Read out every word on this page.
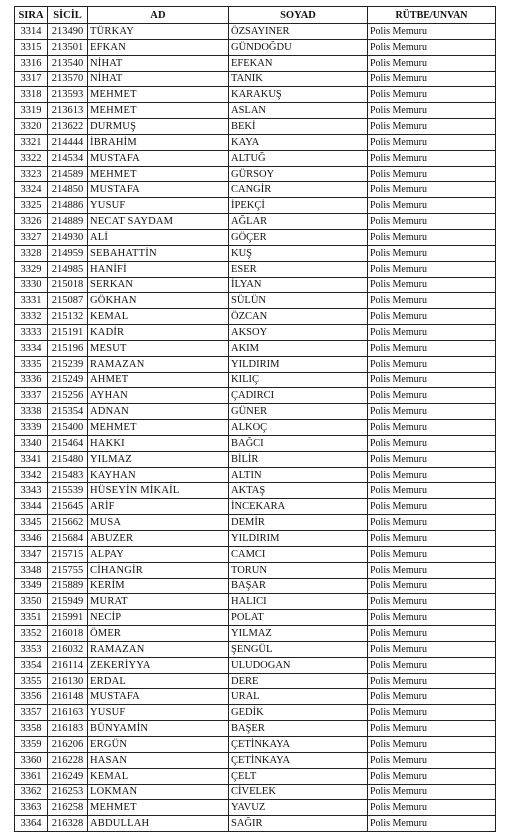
SIRA	SİCİL	AD	SOYAD	RÜTBE/UNVAN
3314	213490	TÜRKAY	ÖZSAYINER	Polis Memuru
3315	213501	EFKAN	GÜNDOĞDU	Polis Memuru
3316	213540	NİHAT	EFEKAN	Polis Memuru
3317	213570	NİHAT	TANIK	Polis Memuru
3318	213593	MEHMET	KARAKUŞ	Polis Memuru
3319	213613	MEHMET	ASLAN	Polis Memuru
3320	213622	DURMUŞ	BEKİ	Polis Memuru
3321	214444	İBRAHİM	KAYA	Polis Memuru
3322	214534	MUSTAFA	ALTUĞ	Polis Memuru
3323	214589	MEHMET	GÜRSOY	Polis Memuru
3324	214850	MUSTAFA	CANGİR	Polis Memuru
3325	214886	YUSUF	İPEKÇİ	Polis Memuru
3326	214889	NECAT SAYDAM	AĞLAR	Polis Memuru
3327	214930	ALİ	GÖÇER	Polis Memuru
3328	214959	SEBAHATTİN	KUŞ	Polis Memuru
3329	214985	HANİFİ	ESER	Polis Memuru
3330	215018	SERKAN	İLYAN	Polis Memuru
3331	215087	GÖKHAN	SÜLÜN	Polis Memuru
3332	215132	KEMAL	ÖZCAN	Polis Memuru
3333	215191	KADİR	AKSOY	Polis Memuru
3334	215196	MESUT	AKIM	Polis Memuru
3335	215239	RAMAZAN	YILDIRIM	Polis Memuru
3336	215249	AHMET	KILIÇ	Polis Memuru
3337	215256	AYHAN	ÇADIRCI	Polis Memuru
3338	215354	ADNAN	GÜNER	Polis Memuru
3339	215400	MEHMET	ALKOÇ	Polis Memuru
3340	215464	HAKKI	BAĞCI	Polis Memuru
3341	215480	YILMAZ	BİLİR	Polis Memuru
3342	215483	KAYHAN	ALTIN	Polis Memuru
3343	215539	HÜSEYİN MİKAİL	AKTAŞ	Polis Memuru
3344	215645	ARİF	İNCEKARA	Polis Memuru
3345	215662	MUSA	DEMİR	Polis Memuru
3346	215684	ABUZER	YILDIRIM	Polis Memuru
3347	215715	ALPAY	CAMCI	Polis Memuru
3348	215755	CİHANGİR	TORUN	Polis Memuru
3349	215889	KERİM	BAŞAR	Polis Memuru
3350	215949	MURAT	HALICI	Polis Memuru
3351	215991	NECİP	POLAT	Polis Memuru
3352	216018	ÖMER	YILMAZ	Polis Memuru
3353	216032	RAMAZAN	ŞENGÜL	Polis Memuru
3354	216114	ZEKERİYYA	ULUDOGAN	Polis Memuru
3355	216130	ERDAL	DERE	Polis Memuru
3356	216148	MUSTAFA	URAL	Polis Memuru
3357	216163	YUSUF	GEDİK	Polis Memuru
3358	216183	BÜNYAMİN	BAŞER	Polis Memuru
3359	216206	ERGÜN	ÇETİNKAYA	Polis Memuru
3360	216228	HASAN	ÇETİNKAYA	Polis Memuru
3361	216249	KEMAL	ÇELT	Polis Memuru
3362	216253	LOKMAN	CİVELEK	Polis Memuru
3363	216258	MEHMET	YAVUZ	Polis Memuru
3364	216328	ABDULLAH	SAĞIR	Polis Memuru
